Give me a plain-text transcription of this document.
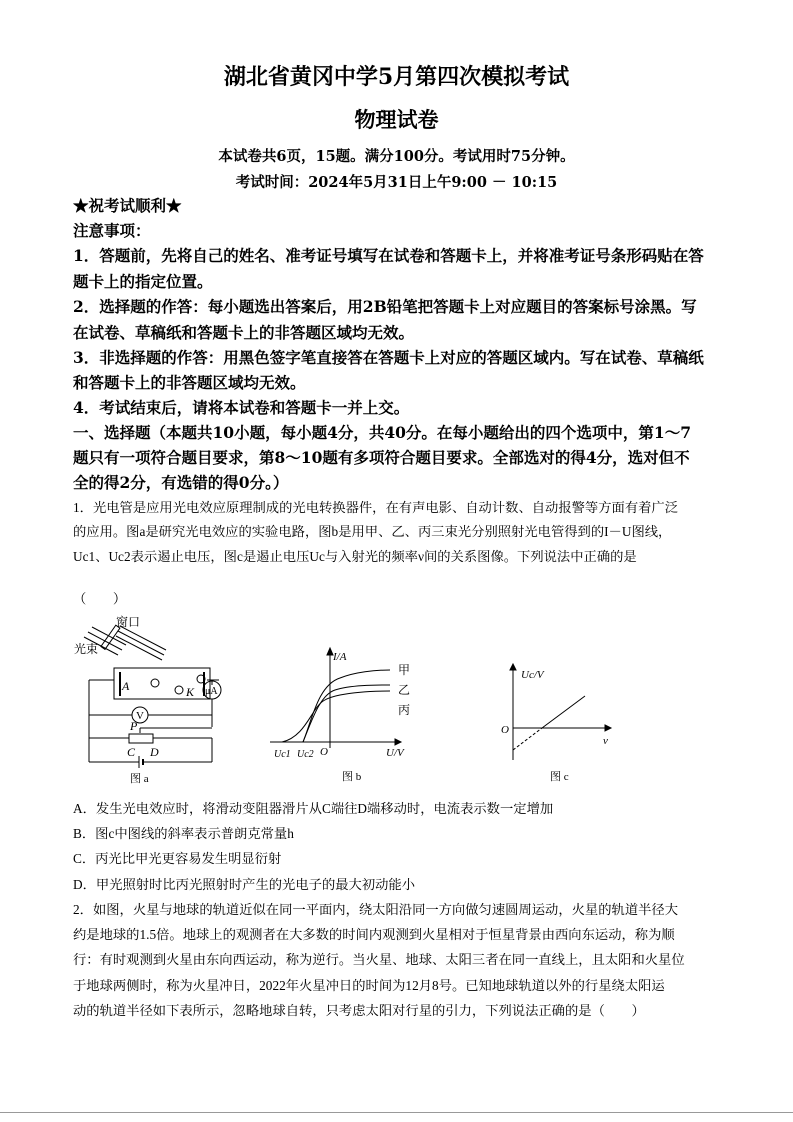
湖北省黄冈中学5月第四次模拟考试
物理试卷
本试卷共6页，15题。满分100分。考试用时75分钟。
考试时间：2024年5月31日上午9:00 － 10:15
★祝考试顺利★
注意事项：
1．答题前，先将自己的姓名、准考证号填写在试卷和答题卡上，并将准考证号条形码贴在答
题卡上的指定位置。
2．选择题的作答：每小题选出答案后，用2B铅笔把答题卡上对应题目的答案标号涂黑。写
在试卷、草稿纸和答题卡上的非答题区域均无效。
3．非选择题的作答：用黑色签字笔直接答在答题卡上对应的答题区域内。写在试卷、草稿纸
和答题卡上的非答题区域均无效。
4．考试结束后，请将本试卷和答题卡一并上交。
一、选择题（本题共10小题，每小题4分，共40分。在每小题给出的四个选项中，第1～7
题只有一项符合题目要求，第8～10题有多项符合题目要求。全部选对的得4分，选对但不
全的得2分，有选错的得0分。）
1．光电管是应用光电效应原理制成的光电转换器件，在有声电影、自动计数、自动报警等方面有着广泛
的应用。图a是研究光电效应的实验电路，图b是用甲、乙、丙三束光分别照射光电管得到的I－U图线，
Uc1、Uc2表示遏止电压，图c是遏止电压Uc与入射光的频率ν间的关系图像。下列说法中正确的是
（　　）
窗口
光束
A	K μA
V
P
C D
图 a
I/A
甲
乙
丙
Uc1 Uc2 O	U/V
图 b
Uc/V
O
ν
图 c
A．发生光电效应时，将滑动变阻器滑片从C端往D端移动时，电流表示数一定增加
B．图c中图线的斜率表示普朗克常量h
C．丙光比甲光更容易发生明显衍射
D．甲光照射时比丙光照射时产生的光电子的最大初动能小
2．如图，火星与地球的轨道近似在同一平面内，绕太阳沿同一方向做匀速圆周运动，火星的轨道半径大
约是地球的1.5倍。地球上的观测者在大多数的时间内观测到火星相对于恒星背景由西向东运动，称为顺
行：有时观测到火星由东向西运动，称为逆行。当火星、地球、太阳三者在同一直线上，且太阳和火星位
于地球两侧时，称为火星冲日，2022年火星冲日的时间为12月8号。已知地球轨道以外的行星绕太阳运
动的轨道半径如下表所示，忽略地球自转，只考虑太阳对行星的引力，下列说法正确的是（　　）
